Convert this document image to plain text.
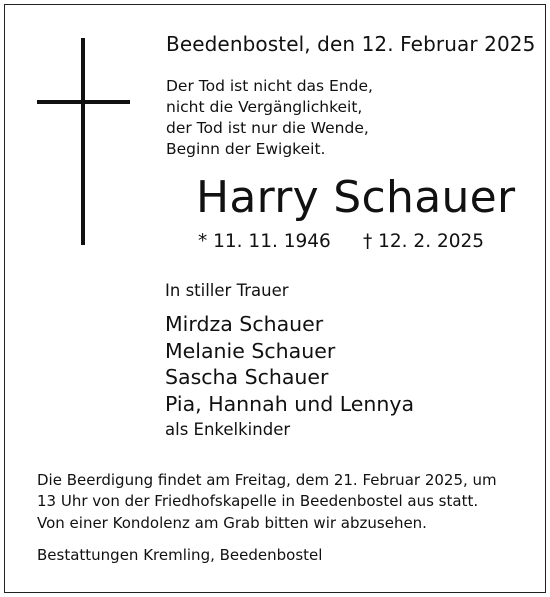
Beedenbostel, den 12. Februar 2025
Der Tod ist nicht das Ende,
nicht die Vergänglichkeit,
der Tod ist nur die Wende,
Beginn der Ewigkeit.
Harry Schauer
* 11. 11. 1946 † 12. 2. 2025
In stiller Trauer
Mirdza Schauer
Melanie Schauer
Sascha Schauer
Pia, Hannah und Lennya
als Enkelkinder
Die Beerdigung findet am Freitag, dem 21. Februar 2025, um
13 Uhr von der Friedhofskapelle in Beedenbostel aus statt.
Von einer Kondolenz am Grab bitten wir abzusehen.
Bestattungen Kremling, Beedenbostel
